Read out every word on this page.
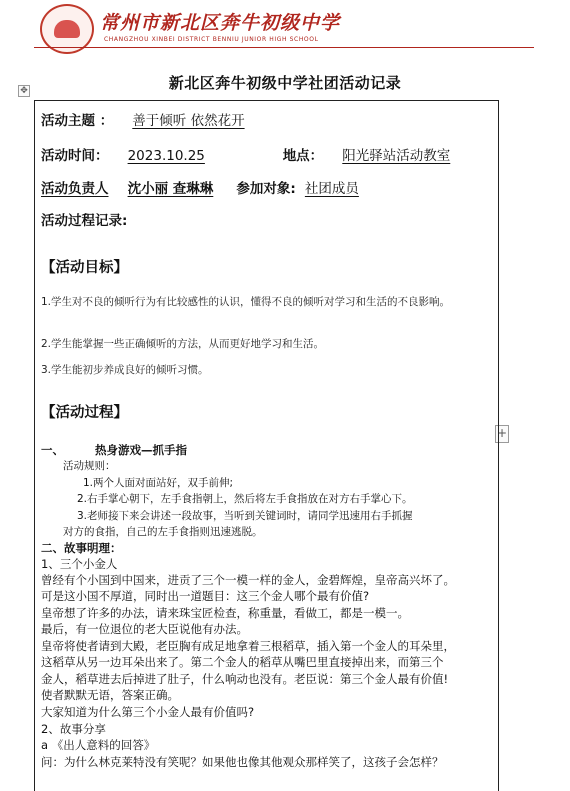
常州市新北区奔牛初级中学
CHANGZHOU XINBEI DISTRICT BENNIU JUNIOR HIGH SCHOOL
新北区奔牛初级中学社团活动记录
✥
+
活动主题 ： 善于倾听 依然花开
活动时间： 2023.10.25	地点： 阳光驿站活动教室
活动负责人 沈小丽 查琳琳 参加对象: 社团成员
活动过程记录:
【活动目标】
1.学生对不良的倾听行为有比较感性的认识，懂得不良的倾听对学习和生活的不良影响。
2.学生能掌握一些正确倾听的方法，从而更好地学习和生活。
3.学生能初步养成良好的倾听习惯。
【活动过程】
一、	热身游戏—抓手指
活动规则：
1.两个人面对面站好，双手前伸;
2.右手掌心朝下，左手食指朝上，然后将左手食指放在对方右手掌心下。
3.老师接下来会讲述一段故事，当听到关键词时，请同学迅速用右手抓握
对方的食指，自己的左手食指则迅速逃脱。
二、故事明理：
1、三个小金人
曾经有个小国到中国来，进贡了三个一模一样的金人，金碧辉煌，皇帝高兴坏了。
可是这小国不厚道，同时出一道题目：这三个金人哪个最有价值?
皇帝想了许多的办法，请来珠宝匠检查，称重量，看做工，都是一模一。
最后，有一位退位的老大臣说他有办法。
皇帝将使者请到大殿，老臣胸有成足地拿着三根稻草，插入第一个金人的耳朵里，
这稻草从另一边耳朵出来了。第二个金人的稻草从嘴巴里直接掉出来，而第三个
金人，稻草进去后掉进了肚子，什么响动也没有。老臣说：第三个金人最有价值!
使者默默无语，答案正确。
大家知道为什么第三个小金人最有价值吗?
2、故事分享
a 《出人意料的回答》
问：为什么林克莱特没有笑呢？如果他也像其他观众那样笑了，这孩子会怎样？
